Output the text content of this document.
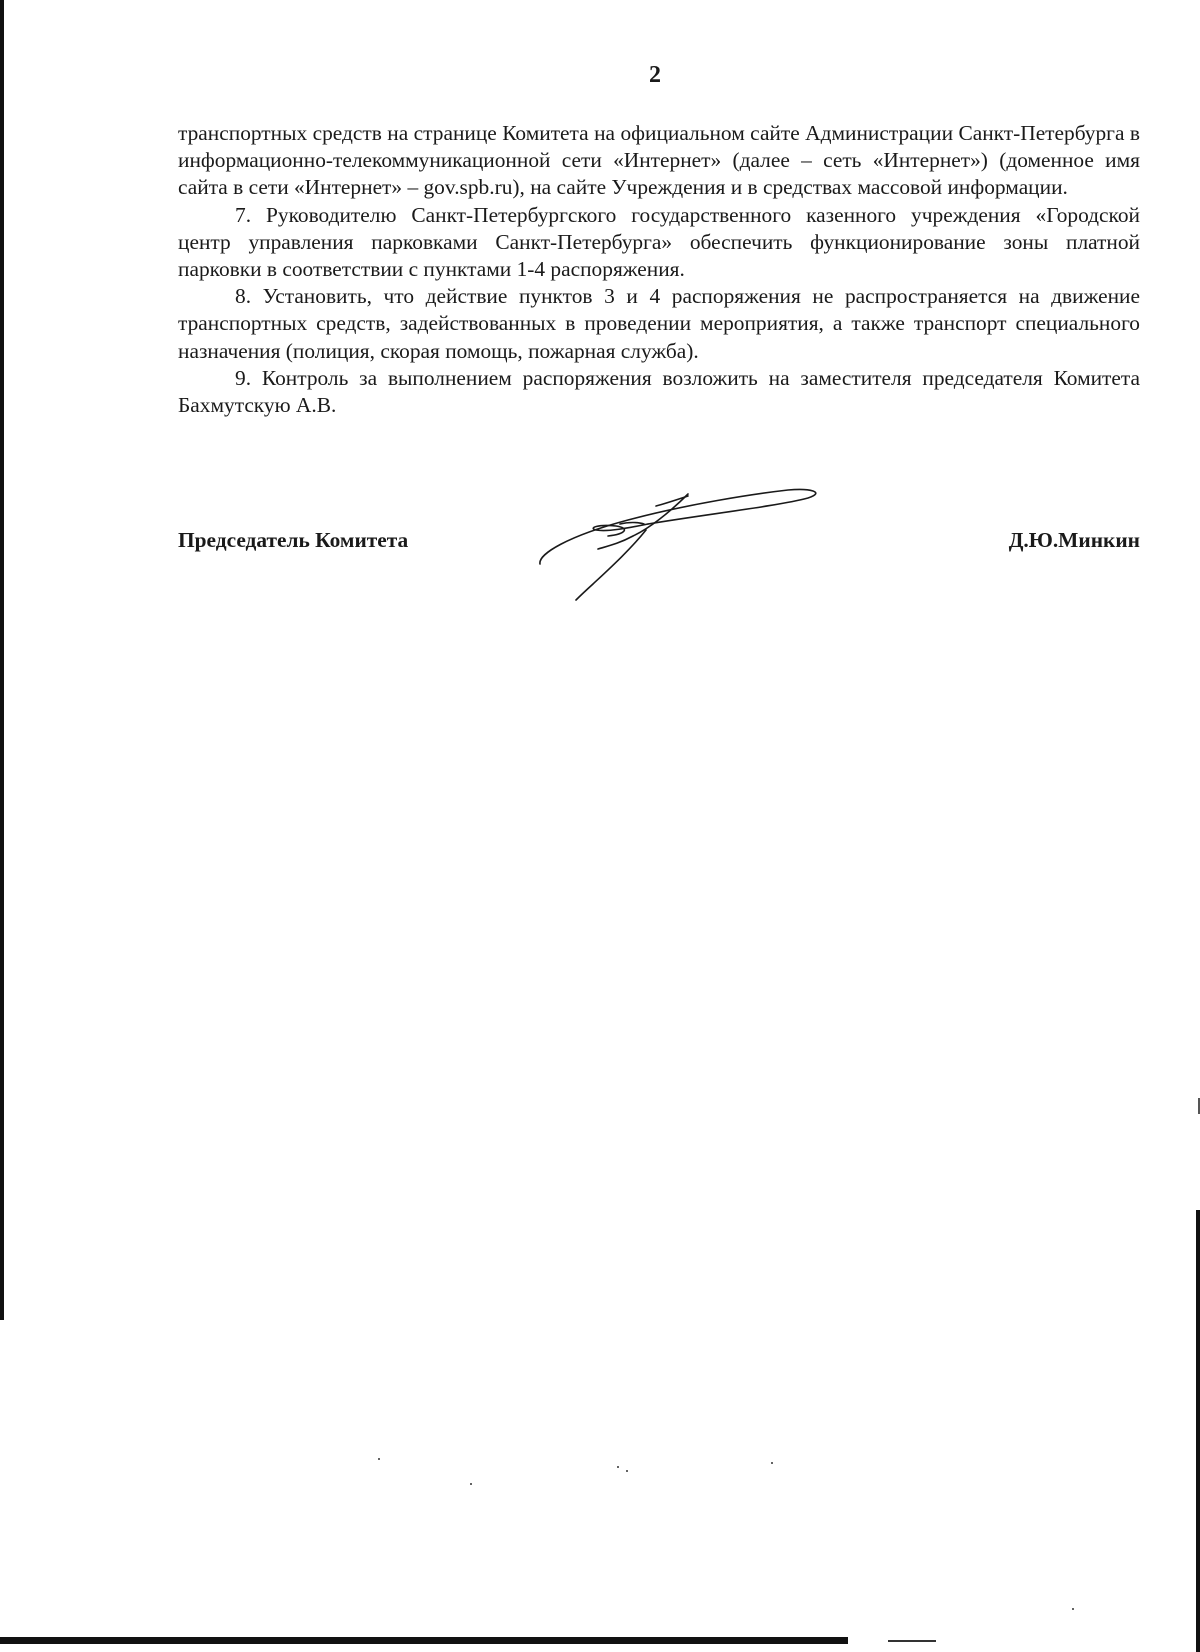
2

транспортных средств на странице Комитета на официальном сайте Администрации Санкт-Петербурга в информационно-телекоммуникационной сети «Интернет» (далее – сеть «Интернет») (доменное имя сайта в сети «Интернет» – gov.spb.ru), на сайте Учреждения и в средствах массовой информации.

7. Руководителю Санкт-Петербургского государственного казенного учреждения «Городской центр управления парковками Санкт-Петербурга» обеспечить функционирование зоны платной парковки в соответствии с пунктами 1-4 распоряжения.

8. Установить, что действие пунктов 3 и 4 распоряжения не распространяется на движение транспортных средств, задействованных в проведении мероприятия, а также транспорт специального назначения (полиция, скорая помощь, пожарная служба).

9. Контроль за выполнением распоряжения возложить на заместителя председателя Комитета Бахмутскую А.В.

Председатель Комитета	Д.Ю.Минкин
